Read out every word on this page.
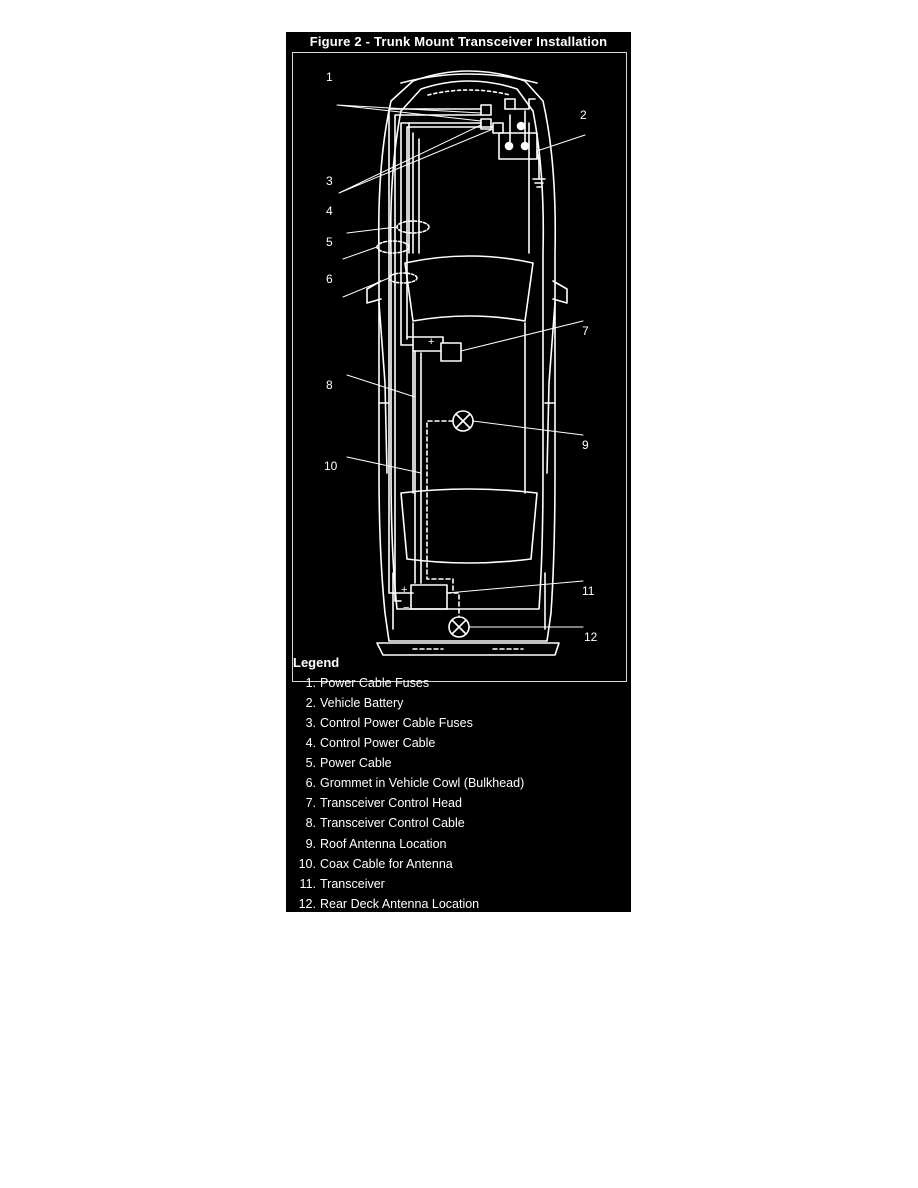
Figure 2 - Trunk Mount Transceiver Installation
+
+
−
1
2
3
4
5
6
7
8
10
9
11
12
Legend
1. Power Cable Fuses
2. Vehicle Battery
3. Control Power Cable Fuses
4. Control Power Cable
5. Power Cable
6. Grommet in Vehicle Cowl (Bulkhead)
7. Transceiver Control Head
8. Transceiver Control Cable
9. Roof Antenna Location
10. Coax Cable for Antenna
11. Transceiver
12. Rear Deck Antenna Location
